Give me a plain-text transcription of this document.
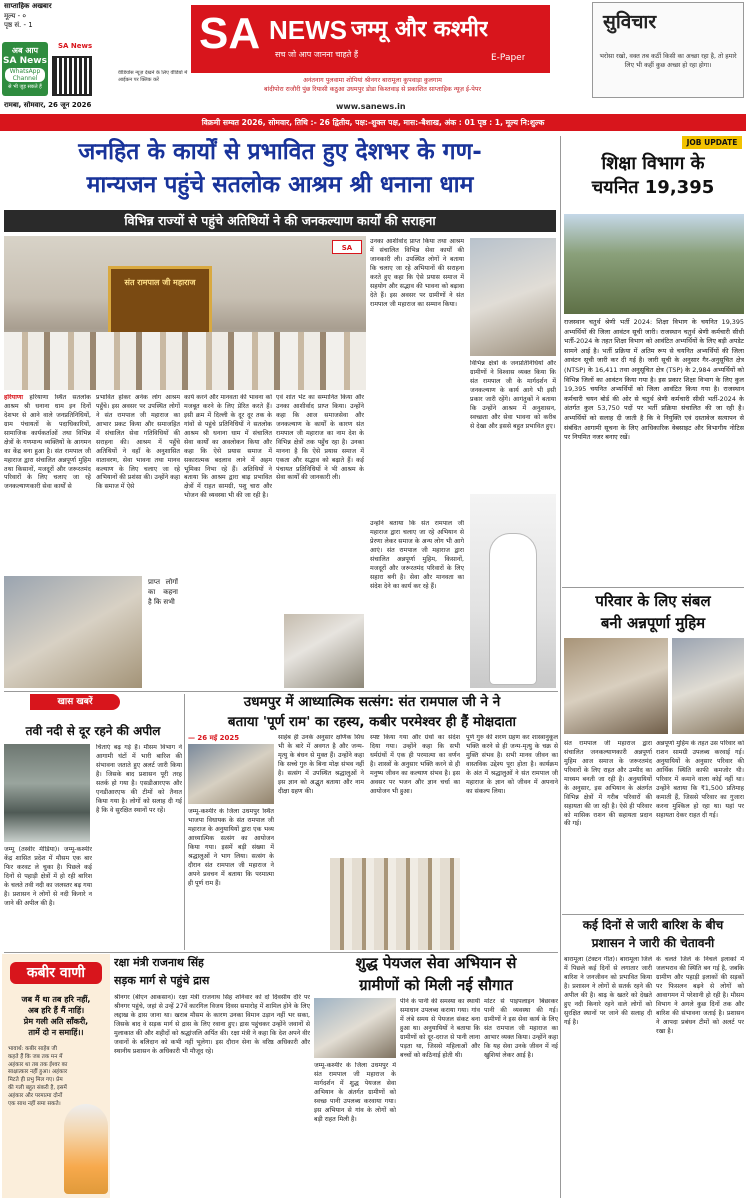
साप्ताहिक अखबार
मूल्य - ०
पृष्ठ सं. - 1
अब आप
SA News
WhatsApp Channel
से भी जुड़ सकते हैं
SA News
वीडियोस न्यूज़ देखने के लिए वीडियो में आईकन पर क्लिक करें
SA NEWS जम्मू और कश्मीर
सच जो आप जानना चाहते हैं	E-Paper
अनंतनाग पुलवामा शोपियां श्रीनगर बारामूला कुपवाड़ा कुलगाम
बांदीपोरा राजौरी पुंछ रियासी कठुआ उधमपुर डोडा किश्तवाड़ से प्रकाशित साप्ताहिक न्यूज़ ई-पेपर
सुविचार
भरोसा रखो, वक्त तब कठीं किसी का अच्छा रहा है, तो हमारे लिए भी कहीं कुछ अच्छा हो रहा होगा।
रामबा, सोमवार, 26 जून 2026	www.sanews.in
विक्रमी सम्वत 2026, सोमवार, तिथि :- 26 द्वितीय, पक्ष:-शुक्ल पक्ष, मास:-बैशाख, अंक : 01 पृष्ठ : 1, मूल्य नि:शुल्क
जनहित के कार्यों से प्रभावित हुए देशभर के गण-
मान्यजन पहुंचे सतलोक आश्रम श्री धनाना धाम
विभिन्न राज्यों से पहुंचे अतिथियों ने की जनकल्याण कार्यों की सराहना
संत रामपाल जी महाराज
SA
हरियाणा हरियाणा स्थित सतलोक आश्रम श्री धनाना धाम इन दिनों देशभर से आने वाले जनप्रतिनिधियों, ग्राम पंचायतों के पदाधिकारियों, सामाजिक कार्यकर्ताओं तथा विभिन्न क्षेत्रों के गणमान्य व्यक्तियों के आगमन का केंद्र बना हुआ है। संत रामपाल जी महाराज द्वारा संचालित अन्नपूर्णा मुहिम तथा किसानों, मजदूरों और जरूरतमंद परिवारों के लिए चलाए जा रहे जनकल्याणकारी सेवा कार्यों से
प्रभावित होकर अनेक लोग आश्रम पहुँचे। इस अवसर पर उपस्थित लोगों ने संत रामपाल जी महाराज का आभार प्रकट किया और समाजहित में संचालित सेवा गतिविधियों की सराहना की। आश्रम में पहुँचे अतिथियों ने वहाँ के अनुशासित वातावरण, सेवा भावना तथा मानव कल्याण के लिए चलाए जा रहे अभियानों की प्रशंसा की। उन्होंने कहा कि समाज में ऐसे
कार्य करने और मानवता की भावना को मजबूत करने के लिए प्रेरित करते हैं। इसी क्रम में दिल्ली के दूर दूर तक के गांवों से पहुंचे प्रतिनिधियों ने सतलोक आश्रम श्री धनाना धाम में संचालित सेवा कार्यों का अवलोकन किया और कहा कि ऐसे प्रयास समाज में सकारात्मक बदलाव लाने में अहम भूमिका निभा रहे हैं। अतिथियों ने बताया कि आश्रम द्वारा बाढ़ प्रभावित क्षेत्रों में राहत सामग्री, पशु चारा और भोजन की व्यवस्था भी की जा रही है।
एवं शांत भेंट का सम्मानित किया और उनका आशीर्वाद प्राप्त किया। उन्होंने कहा कि आज समाजसेवा और जनकल्याण के कार्यों के कारण संत रामपाल जी महाराज का नाम देश के विभिन्न क्षेत्रों तक पहुँच रहा है। उनका मानना है कि ऐसे प्रयास समाज में एकता और सद्भाव को बढ़ाते हैं। कई पंचायत प्रतिनिधियों ने भी आश्रम के सेवा कार्यों की जानकारी ली।
उनका आशीर्वाद प्राप्त किया तथा आश्रम में संचालित विभिन्न सेवा कार्यों की जानकारी ली। उपस्थित लोगों ने बताया कि चलाए जा रहे अभियानों की सराहना करते हुए कहा कि ऐसे प्रयास समाज में सहयोग और सद्भाव की भावना को बढ़ावा देते हैं। इस अवसर पर ग्रामीणों ने संत रामपाल जी महाराज का सम्मान किया।
विभिन्न क्षेत्रों के जनप्रतिनिधियों और ग्रामीणों ने विश्वास व्यक्त किया कि संत रामपाल जी के मार्गदर्शन में जनकल्याण के कार्य आगे भी इसी प्रकार जारी रहेंगे। आगंतुकों ने बताया कि उन्होंने आश्रम में अनुशासन, स्वच्छता और सेवा भावना को करीब से देखा और इससे बहुत प्रभावित हुए।
उन्होंने बताया कि संत रामपाल जी महाराज द्वारा चलाए जा रहे अभियान से प्रेरणा लेकर समाज के अन्य लोग भी आगे आएं। संत रामपाल जी महाराज द्वारा संचालित अन्नपूर्णा मुहिम, किसानों, मजदूरों और जरूरतमंद परिवारों के लिए सहारा बनी है। सेवा और मानवता का संदेश देने का कार्य कर रहे हैं।
प्राप्त लोगों का कहना है कि सभी
JOB UPDATE
शिक्षा विभाग के
चयनित 19,395
राजस्थान चतुर्थ श्रेणी भर्ती 2024: शिक्षा विभाग के चयनित 19,395 अभ्यर्थियों की जिला आवंटन सूची जारी। राजस्थान चतुर्थ श्रेणी कर्मचारी सीधी भर्ती-2024 के तहत शिक्षा विभाग को आवंटित अभ्यर्थियों के लिए बड़ी अपडेट सामने आई है। भर्ती प्रक्रिया में अतिम रूप से चयनित अभ्यर्थियों की जिला आवंटन सूची जारी कर दी गई है। जारी सूची के अनुसार गैर-अनुसूचित क्षेत्र (NTSP) के 16,411 तथा अनुसूचित क्षेत्र (TSP) के 2,984 अभ्यर्थियों को विभिन्न जिलों का आवंटन किया गया है। इस प्रकार शिक्षा विभाग के लिए कुल 19,395 चयनित अभ्यर्थियों को जिला आवंटित किया गया है। राजस्थान कर्मचारी चयन बोर्ड की ओर से चतुर्थ श्रेणी कर्मचारी सीधी भर्ती-2024 के अंतर्गत कुल 53,750 पदों पर भर्ती प्रक्रिया संचालित की जा रही है। अभ्यर्थियों को सलाह दी जाती है कि वे नियुक्ति एवं दस्तावेज सत्यापन से संबंधित आगामी सूचना के लिए आधिकारिक वेबसाइट और विभागीय नोटिस पर नियमित नजर बनाए रखें।
परिवार के लिए संबल
बनी अन्नपूर्णा मुहिम
संत रामपाल जी महाराज द्वारा संचालित जनकल्याणकारी अन्नपूर्णा मुहिम आज समाज के जरूरतमंद परिवारों के लिए राहत और उम्मीद का माध्यम बनती जा रही है। अनुयायियों के अनुसार, इस अभियान के अंतर्गत विभिन्न क्षेत्रों में गरीब परिवारों की सहायता की जा रही है। ऐसे ही परिवार को मासिक राशन की सहायता प्रदान की गई।
अन्नपूर्णा मुहिम के तहत उस परिवार को राशन सामग्री उपलब्ध करवाई गई। अनुयायियों के अनुसार परिवार की आर्थिक स्थिति काफी कमजोर थी। परिवार में कमाने वाला कोई नहीं था। उन्होंने बताया कि ₹1,500 प्रतिमाह कमाती हैं, जिससे परिवार का गुजारा करना मुश्किल हो रहा था। यहां पर सहायता देकर राहत दी गई।
कई दिनों से जारी बारिश के बीच
प्रशासन ने जारी की चेतावनी
बारामूला (टेक्टन गीत)। बारामूला जिले में पिछले कई दिनों से लगातार जारी बारिश ने जनजीवन को प्रभावित किया है। प्रशासन ने लोगों से सतर्क रहने की अपील की है। बाढ़ के खतरे को देखते हुए नदी किनारे रहने वाले लोगों को सुरक्षित स्थानों पर जाने की सलाह दी गई है।
के चलते जिले के निचले इलाकों में जलभराव की स्थिति बन गई है, जबकि ग्रामीण और पहाड़ी इलाकों की सड़कों पर फिसलन बढ़ने से लोगों को आवागमन में परेशानी हो रही है। मौसम विभाग ने अगले कुछ दिनों तक और बारिश की संभावना जताई है। प्रशासन ने आपदा प्रबंधन टीमों को अलर्ट पर रखा है।
खास खबरें
तवी नदी से दूर रहने की अपील
जम्मू (तस्वीर मीडिया)। जम्मू-कश्मीर केंद्र शासित प्रदेश में मौसम एक बार फिर करवट ले चुका है। पिछले कई दिनों से पहाड़ी क्षेत्रों में हो रही बारिश के चलते तवी नदी का जलस्तर बढ़ गया है। प्रशासन ने लोगों से नदी किनारे न जाने की अपील की है।
चिंताएं बढ़ गई हैं। मौसम विभाग ने आगामी घंटों में भारी बारिश की संभावना जताते हुए अलर्ट जारी किया है। जिसके बाद प्रशासन पूरी तरह सतर्क हो गया है। एसडीआरएफ और एनडीआरएफ की टीमों को तैनात किया गया है। लोगों को सलाह दी गई है कि वे सुरक्षित स्थानों पर रहें।
उधमपुर में आध्यात्मिक सत्संग: संत रामपाल जी ने ने
बताया 'पूर्ण राम' का रहस्य, कबीर परमेश्वर ही हैं मोक्षदाता
— 26 मई 2025
जम्मू-कश्मीर के जिला उधमपुर स्थित भाजपा विधायक के संत रामपाल जी महाराज के अनुयायियों द्वारा एक भव्य आध्यात्मिक सत्संग का आयोजन किया गया। इसमें बड़ी संख्या में श्रद्धालुओं ने भाग लिया। सत्संग के दौरान संत रामपाल जी महाराज ने अपने प्रवचन में बताया कि परमात्मा ही पूर्ण राम हैं।
साहेब ही उनके अनुसार क्षणिक सिंध भी के बारे में अवगत है और जन्म-मृत्यु के बंधन से मुक्त हैं। उन्होंने कहा कि सच्चे गुरु के बिना मोक्ष संभव नहीं है। सत्संग में उपस्थित श्रद्धालुओं ने इस ज्ञान को अद्भुत बताया और नाम दीक्षा ग्रहण की।
स्पष्ट किया गया और ग्रंथों का संदेश दिया गया। उन्होंने कहा कि सभी धर्मग्रंथों में एक ही परमात्मा का वर्णन है। शास्त्रों के अनुसार भक्ति करने से ही मनुष्य जीवन का कल्याण संभव है। इस अवसर पर भजन और ज्ञान चर्चा का आयोजन भी हुआ।
पूर्ण गुरु की शरण ग्रहण कर शास्त्रानुकूल भक्ति करने से ही जन्म-मृत्यु के चक्र से मुक्ति संभव है। सभी मानव जीवन का वास्तविक उद्देश्य पूरा होता है। कार्यक्रम के अंत में श्रद्धालुओं ने संत रामपाल जी महाराज के ज्ञान को जीवन में अपनाने का संकल्प लिया।
कबीर वाणी
जब मैं था तब हरि नहीं,
अब हरि हैं मैं नाहिं।
प्रेम गली अति साँकरी,
तामें दो न समाहिं।।
भावार्थ: कबीर साहेब जी कहते हैं कि जब तक मन में अहंकार था तब तक ईश्वर का साक्षात्कार नहीं हुआ। अहंकार मिटते ही प्रभु मिल गए। प्रेम की गली बहुत संकरी है, इसमें अहंकार और परमात्मा दोनों एक साथ नहीं समा सकते।
रक्षा मंत्री राजनाथ सिंह
सड़क मार्ग से पहुंचे द्रास
श्रीनगर (बीएन आकसान)। रक्षा मंत्री राजनाथ सिंह शनिवार को दो दिवसीय दौरे पर श्रीनगर पहुंचे, जहां से उन्हें 27वें कारगिल विजय दिवस समारोह में शामिल होने के लिए लद्दाख के द्रास जाना था। खराब मौसम के कारण उनका विमान उड़ान नहीं भर सका, जिसके बाद वे सड़क मार्ग से द्रास के लिए रवाना हुए। द्रास पहुंचकर उन्होंने जवानों से मुलाकात की और शहीदों को श्रद्धांजलि अर्पित की। रक्षा मंत्री ने कहा कि देश अपने वीर जवानों के बलिदान को कभी नहीं भूलेगा। इस दौरान सेना के वरिष्ठ अधिकारी और स्थानीय प्रशासन के अधिकारी भी मौजूद रहे।
शुद्ध पेयजल सेवा अभियान से
ग्रामीणों को मिली नई सौगात
जम्मू-कश्मीर के जिला उधमपुर में संत रामपाल जी महाराज के मार्गदर्शन में शुद्ध पेयजल सेवा अभियान के अंतर्गत ग्रामीणों को स्वच्छ पानी उपलब्ध करवाया गया। इस अभियान से गांव के लोगों को बड़ी राहत मिली है।
पीने के पानी की समस्या का स्थायी समाधान उपलब्ध कराया गया। गांव में लंबे समय से पेयजल संकट बना हुआ था। अनुयायियों ने बताया कि ग्रामीणों को दूर-दराज से पानी लाना पड़ता था, जिससे महिलाओं और बच्चों को कठिनाई होती थी।
मोटर से पाइपलाइन बिछाकर पानी की व्यवस्था की गई। ग्रामीणों ने इस सेवा कार्य के लिए संत रामपाल जी महाराज का आभार व्यक्त किया। उन्होंने कहा कि यह सेवा उनके जीवन में नई खुशियां लेकर आई है।
